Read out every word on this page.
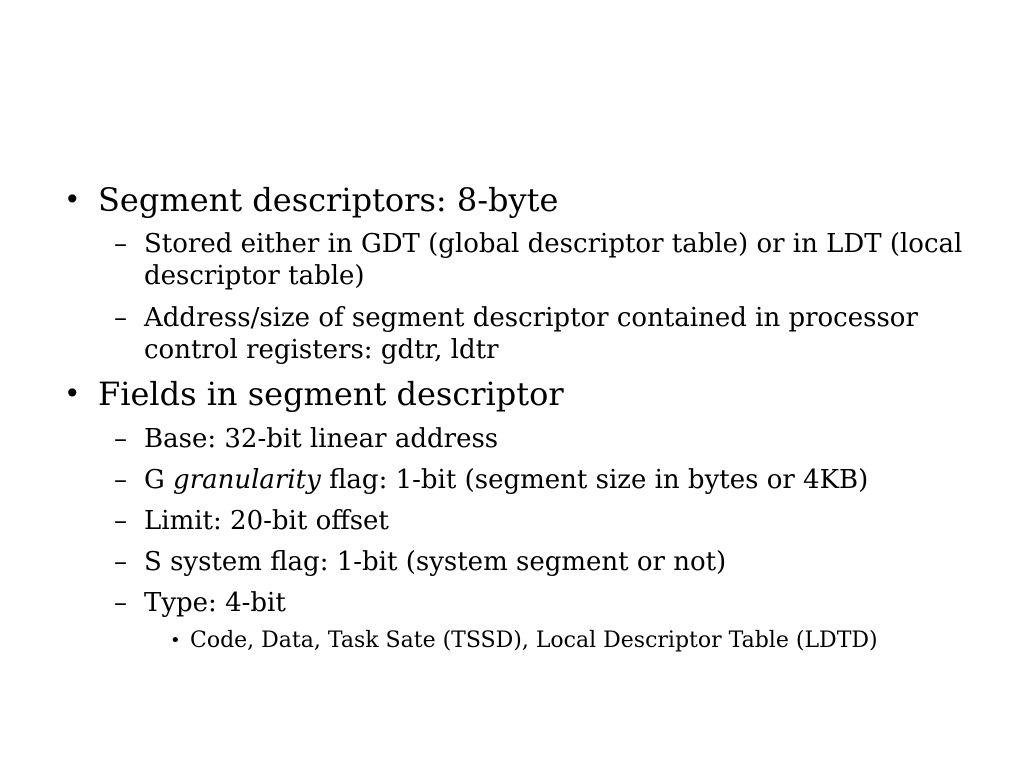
• Segment descriptors: 8-byte
– Stored either in GDT (global descriptor table) or in LDT (local descriptor table)
– Address/size of segment descriptor contained in processor control registers: gdtr, ldtr
• Fields in segment descriptor
– Base: 32-bit linear address
– G granularity flag: 1-bit (segment size in bytes or 4KB)
– Limit: 20-bit offset
– S system flag: 1-bit (system segment or not)
– Type: 4-bit
• Code, Data, Task Sate (TSSD), Local Descriptor Table (LDTD)
